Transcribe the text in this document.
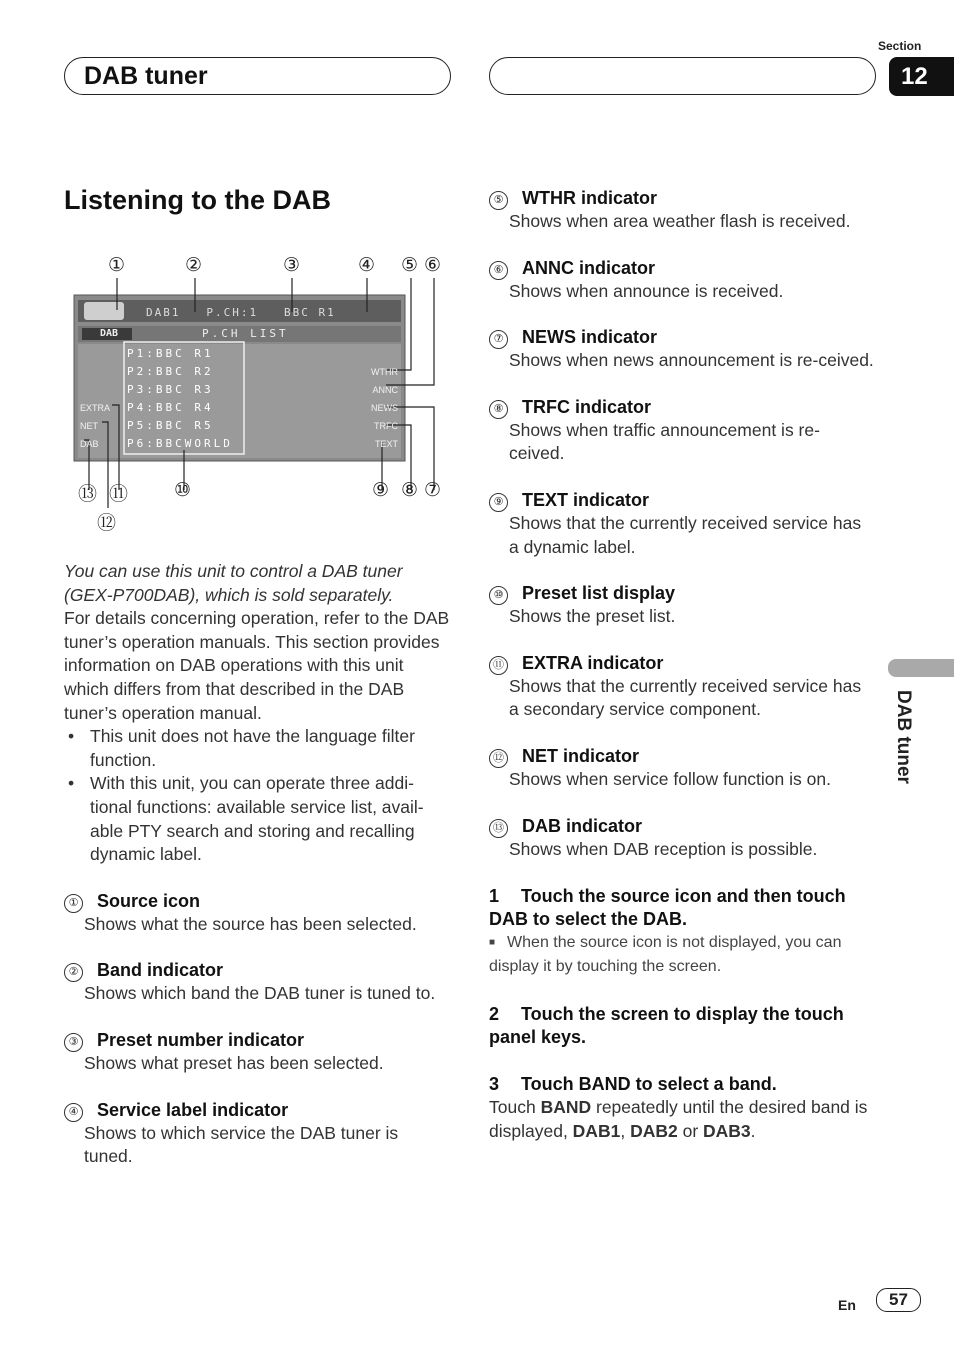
DAB tuner
Section
12
DAB tuner
Listening to the DAB
①	②	③	④ ⑤ ⑥
⑦
⑧
⑨
⑩
⑪
⑫
⑬
DAB1   P.CH:1   BBC R1
DAB	P.CH LIST
P1:BBC R1
P2:BBC R2
P3:BBC R3
P4:BBC R4
P5:BBC R5
P6:BBCWORLD
WTHR
ANNC
NEWS
TRFC
TEXT
EXTRA
NET
DAB
You can use this unit to control a DAB tuner (GEX-P700DAB), which is sold separately.
For details concerning operation, refer to the DAB tuner’s operation manuals. This section provides information on DAB operations with this unit which differs from that described in the DAB tuner’s operation manual.
• This unit does not have the language filter function.
• With this unit, you can operate three addi-tional functions: available service list, avail-able PTY search and storing and recalling dynamic label.
① Source icon
Shows what the source has been selected.
② Band indicator
Shows which band the DAB tuner is tuned to.
③ Preset number indicator
Shows what preset has been selected.
④ Service label indicator
Shows to which service the DAB tuner is tuned.
⑤ WTHR indicator
Shows when area weather flash is received.
⑥ ANNC indicator
Shows when announce is received.
⑦ NEWS indicator
Shows when news announcement is re-ceived.
⑧ TRFC indicator
Shows when traffic announcement is re-ceived.
⑨ TEXT indicator
Shows that the currently received service has a dynamic label.
⑩ Preset list display
Shows the preset list.
⑪ EXTRA indicator
Shows that the currently received service has a secondary service component.
⑫ NET indicator
Shows when service follow function is on.
⑬ DAB indicator
Shows when DAB reception is possible.
1 Touch the source icon and then touch DAB to select the DAB.
■ When the source icon is not displayed, you can display it by touching the screen.
2 Touch the screen to display the touch panel keys.
3 Touch BAND to select a band.
Touch BAND repeatedly until the desired band is displayed, DAB1, DAB2 or DAB3.
En	57
